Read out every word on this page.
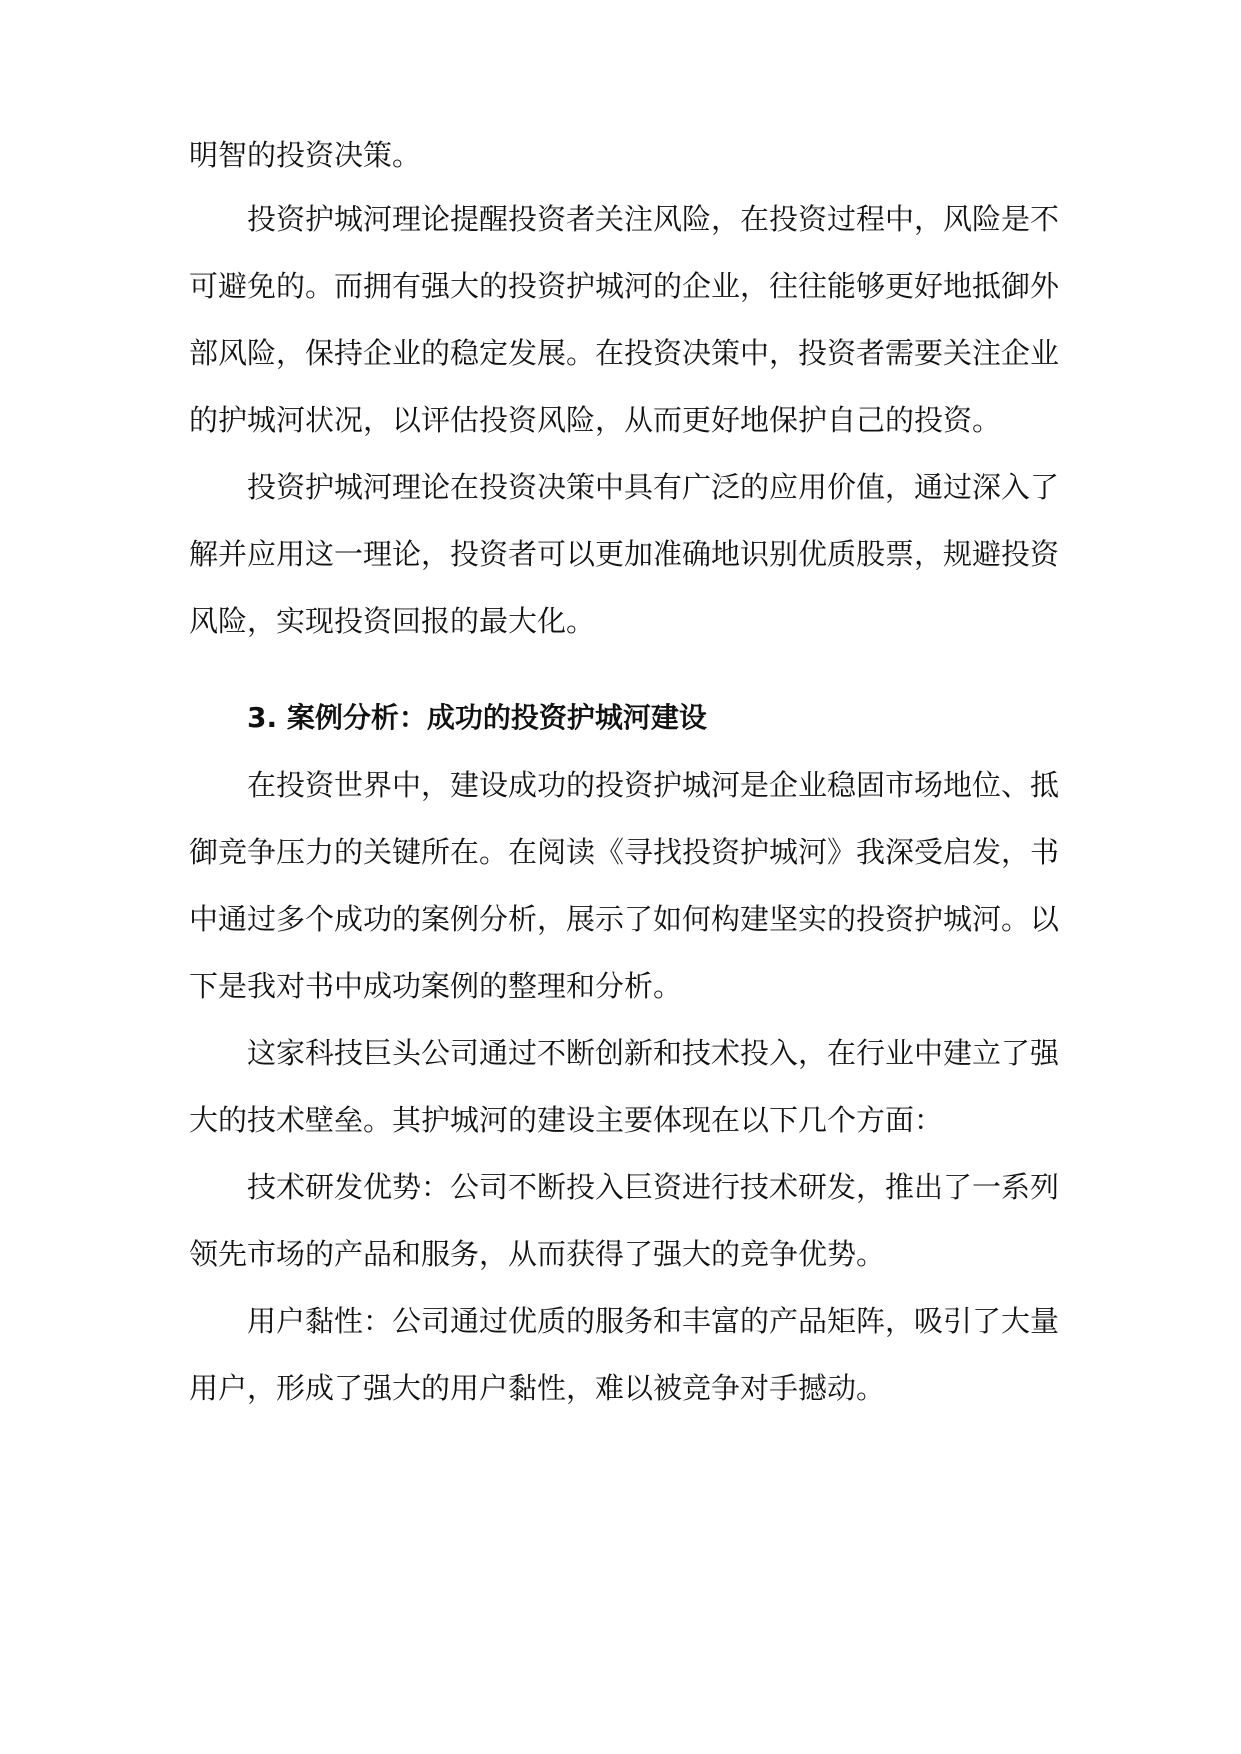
明智的投资决策。
投资护城河理论提醒投资者关注风险，在投资过程中，风险是不
可避免的。而拥有强大的投资护城河的企业，往往能够更好地抵御外
部风险，保持企业的稳定发展。在投资决策中，投资者需要关注企业
的护城河状况，以评估投资风险，从而更好地保护自己的投资。
投资护城河理论在投资决策中具有广泛的应用价值，通过深入了
解并应用这一理论，投资者可以更加准确地识别优质股票，规避投资
风险，实现投资回报的最大化。
3. 案例分析：成功的投资护城河建设
在投资世界中，建设成功的投资护城河是企业稳固市场地位、抵
御竞争压力的关键所在。在阅读《寻找投资护城河》我深受启发，书
中通过多个成功的案例分析，展示了如何构建坚实的投资护城河。以
下是我对书中成功案例的整理和分析。
这家科技巨头公司通过不断创新和技术投入，在行业中建立了强
大的技术壁垒。其护城河的建设主要体现在以下几个方面：
技术研发优势：公司不断投入巨资进行技术研发，推出了一系列
领先市场的产品和服务，从而获得了强大的竞争优势。
用户黏性：公司通过优质的服务和丰富的产品矩阵，吸引了大量
用户，形成了强大的用户黏性，难以被竞争对手撼动。
